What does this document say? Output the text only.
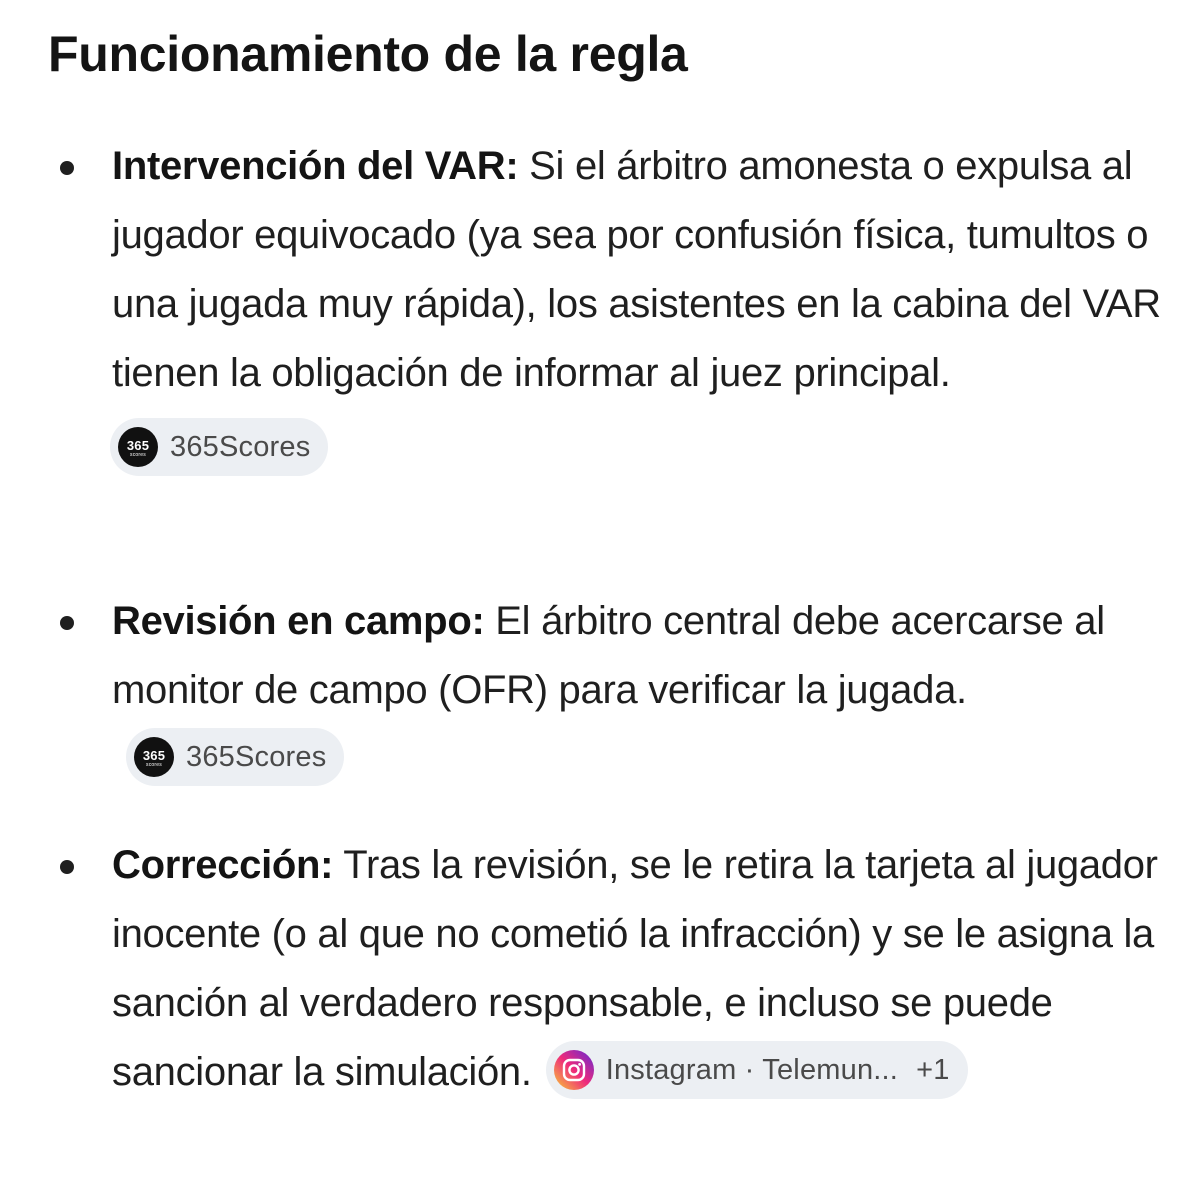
Funcionamiento de la regla

Intervención del VAR: Si el árbitro amonesta o expulsa al jugador equivocado (ya sea por confusión física, tumultos o una jugada muy rápida), los asistentes en la cabina del VAR tienen la obligación de informar al juez principal.

365
scores 365Scores

Revisión en campo: El árbitro central debe acercarse al monitor de campo (OFR) para verificar la jugada.
365
scores 365Scores

Corrección: Tras la revisión, se le retira la tarjeta al jugador inocente (o al que no cometió la infracción) y se le asigna la sanción al verdadero responsable, e incluso se puede sancionar la simulación.	Instagram · Telemun... +1
